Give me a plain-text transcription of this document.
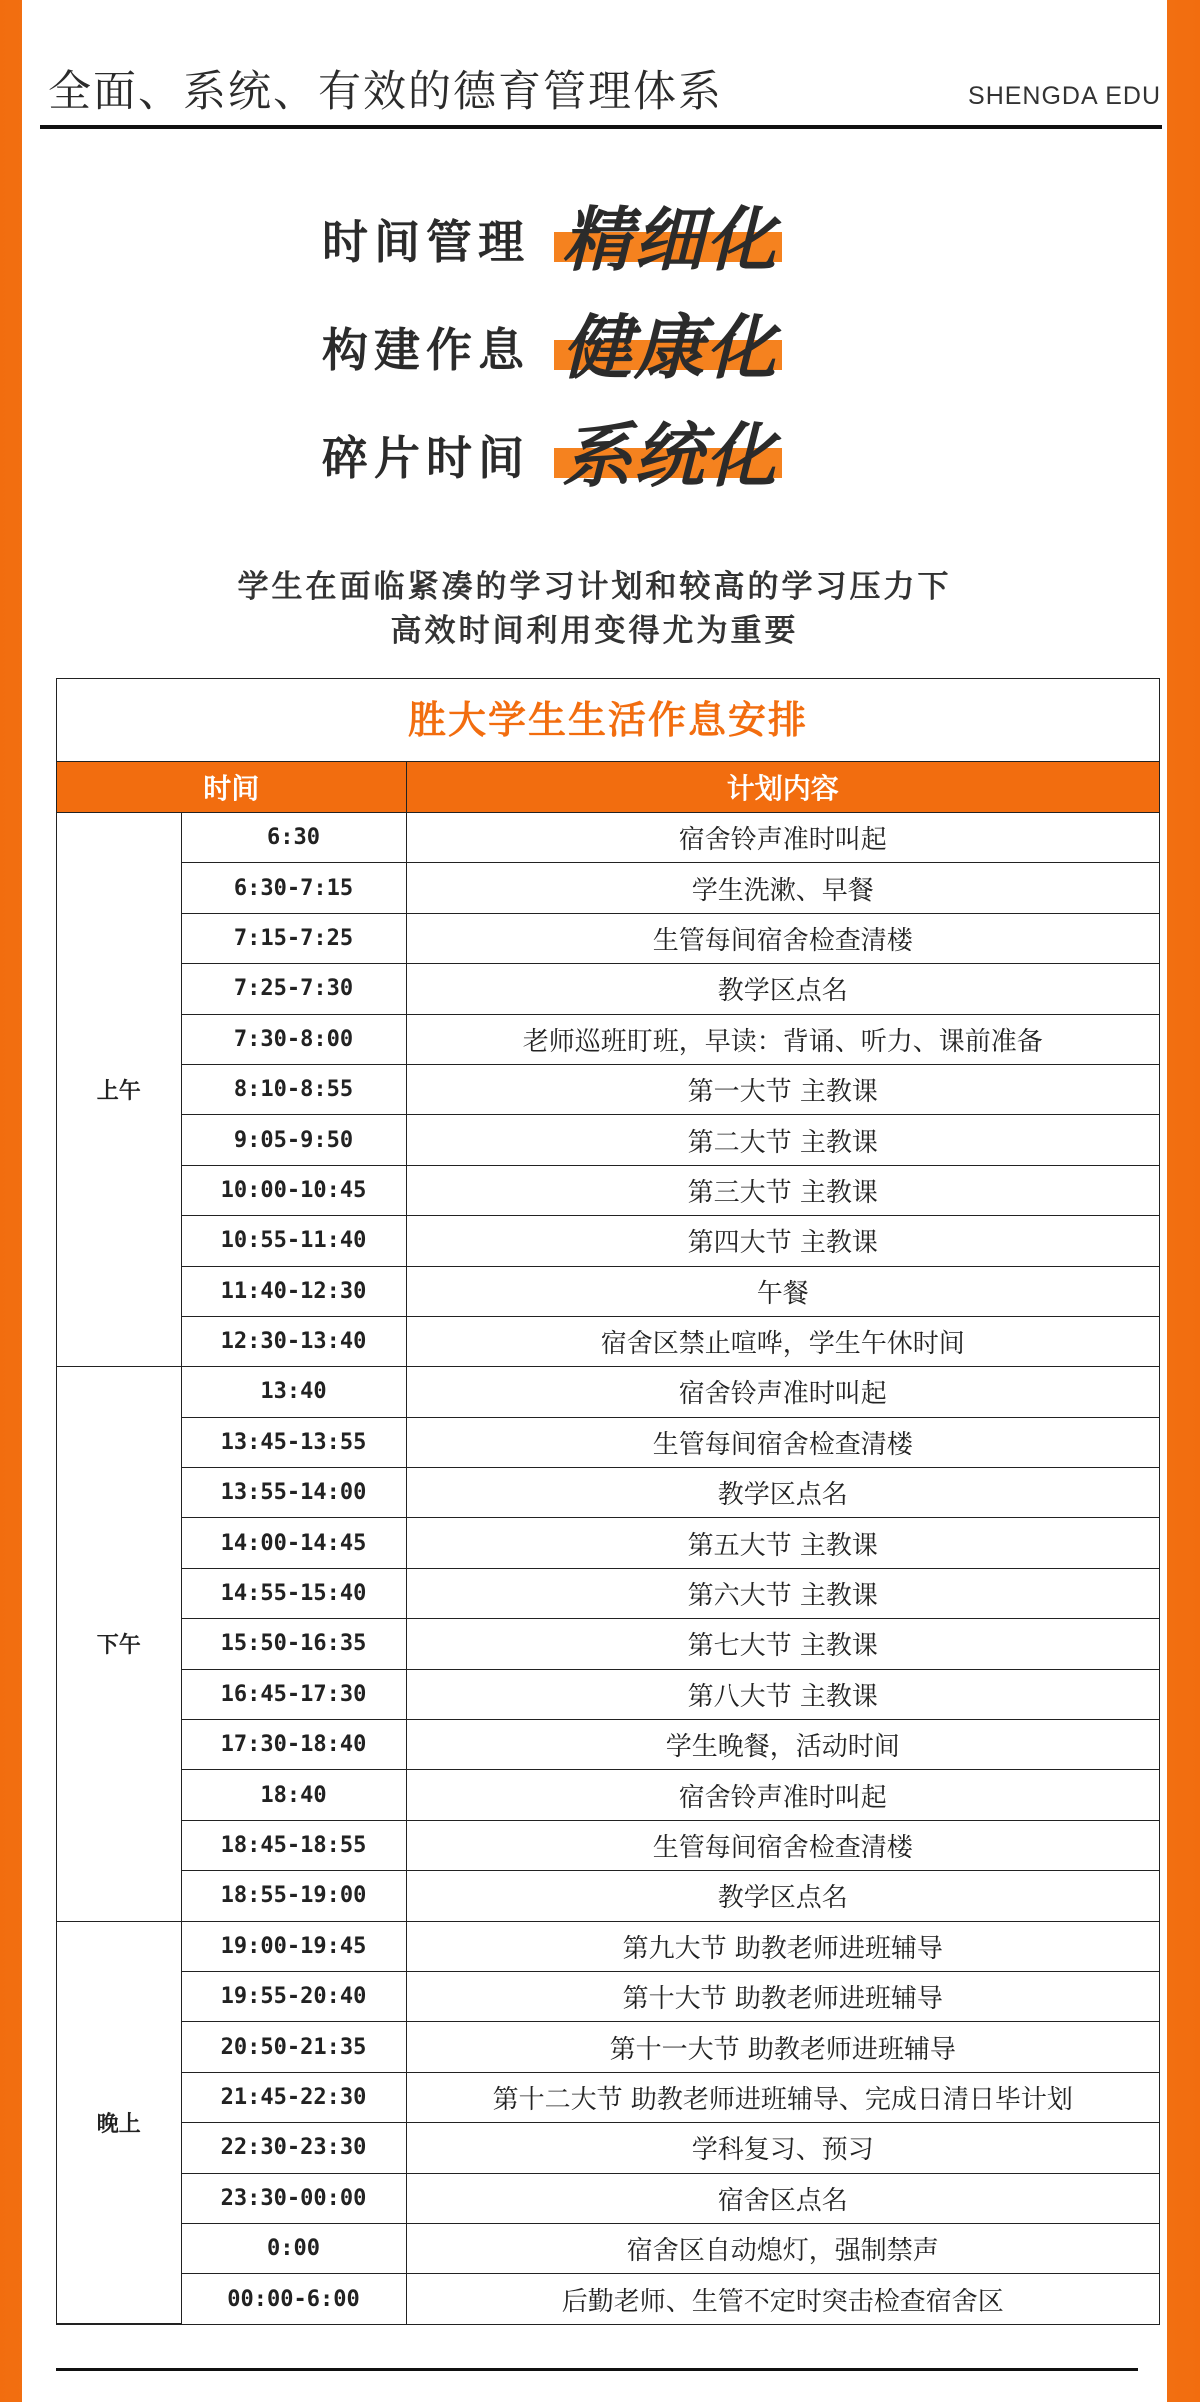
全面、系统、有效的德育管理体系	SHENGDA EDU
时间管理 精细化
构建作息 健康化
碎片时间 系统化
学生在面临紧凑的学习计划和较高的学习压力下
高效时间利用变得尤为重要
胜大学生生活作息安排
时间		计划内容
上午	6:30	宿舍铃声准时叫起
	6:30-7:15	学生洗漱、早餐
	7:15-7:25	生管每间宿舍检查清楼
	7:25-7:30	教学区点名
	7:30-8:00	老师巡班盯班，早读：背诵、听力、课前准备
	8:10-8:55	第一大节 主教课
	9:05-9:50	第二大节 主教课
	10:00-10:45	第三大节 主教课
	10:55-11:40	第四大节 主教课
	11:40-12:30	午餐
	12:30-13:40	宿舍区禁止喧哗，学生午休时间
下午	13:40	宿舍铃声准时叫起
	13:45-13:55	生管每间宿舍检查清楼
	13:55-14:00	教学区点名
	14:00-14:45	第五大节 主教课
	14:55-15:40	第六大节 主教课
	15:50-16:35	第七大节 主教课
	16:45-17:30	第八大节 主教课
	17:30-18:40	学生晚餐，活动时间
	18:40	宿舍铃声准时叫起
	18:45-18:55	生管每间宿舍检查清楼
	18:55-19:00	教学区点名
晚上	19:00-19:45	第九大节 助教老师进班辅导
	19:55-20:40	第十大节 助教老师进班辅导
	20:50-21:35	第十一大节 助教老师进班辅导
	21:45-22:30	第十二大节 助教老师进班辅导、完成日清日毕计划
	22:30-23:30	学科复习、预习
	23:30-00:00	宿舍区点名
	0:00	宿舍区自动熄灯，强制禁声
	00:00-6:00	后勤老师、生管不定时突击检查宿舍区
